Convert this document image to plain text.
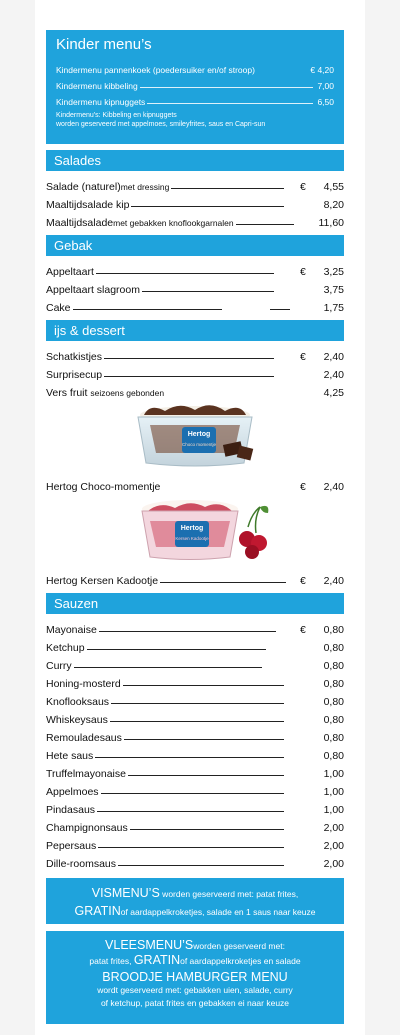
Kinder menu’s
Kindermenu pannenkoek (poedersuiker en/of stroop)	€ 4,20
Kindermenu kibbeling	7,00
Kindermenu kipnuggets	6,50
Kindermenu's: Kibbeling en kipnuggets
worden geserveerd met appelmoes, smileyfrites, saus en Capri-sun
Salades
Salade (naturel)met dressing	€	4,55
Maaltijdsalade kip	8,20
Maaltijdsalademet gebakken knoflookgarnalen	11,60
Gebak
Appeltaart	€	3,25
Appeltaart slagroom	3,75
Cake	1,75
ijs & dessert
Schatkistjes	€	2,40
Surprisecup	2,40
Vers fruit seizoens gebonden	4,25
Hertog
Choco momentje
Hertog Choco-momentje	€	2,40
Hertog
Kersen Kadootje
Hertog Kersen Kadootje	€	2,40
Sauzen
Mayonaise	€	0,80
Ketchup	0,80
Curry	0,80
Honing-mosterd	0,80
Knoflooksaus	0,80
Whiskeysaus	0,80
Remouladesaus	0,80
Hete saus	0,80
Truffelmayonaise	1,00
Appelmoes	1,00
Pindasaus	1,00
Champignonsaus	2,00
Pepersaus	2,00
Dille-roomsaus	2,00
VISMENU’S worden geserveerd met: patat frites,
GRATINof aardappelkroketjes, salade en 1 saus naar keuze
VLEESMENU’Sworden geserveerd met:
patat frites, GRATINof aardappelkroketjes en salade
BROODJE HAMBURGER MENU
wordt geserveerd met: gebakken uien, salade, curry
of ketchup, patat frites en gebakken ei naar keuze
